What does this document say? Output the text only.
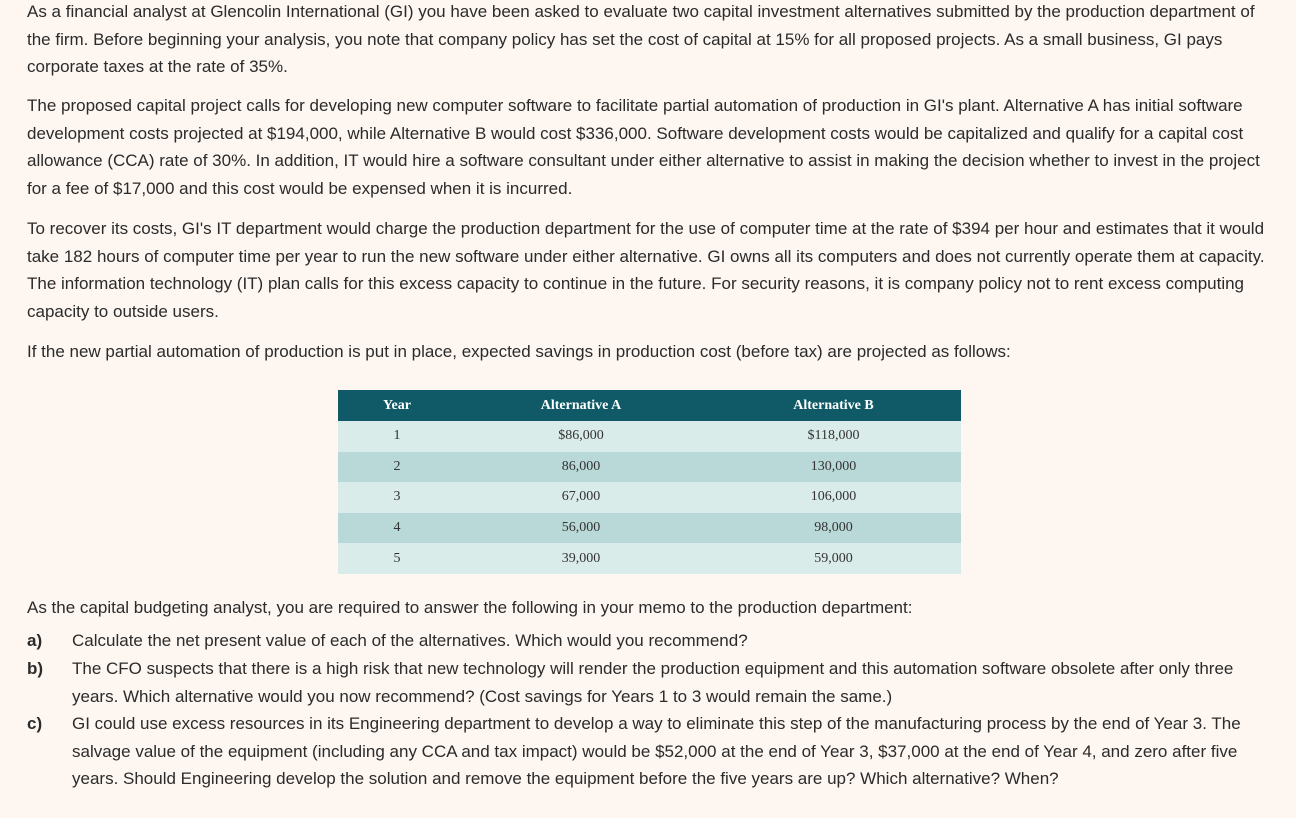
As a financial analyst at Glencolin International (GI) you have been asked to evaluate two capital investment alternatives submitted by the production department of the firm. Before beginning your analysis, you note that company policy has set the cost of capital at 15% for all proposed projects. As a small business, GI pays corporate taxes at the rate of 35%.

The proposed capital project calls for developing new computer software to facilitate partial automation of production in GI's plant. Alternative A has initial software development costs projected at $194,000, while Alternative B would cost $336,000. Software development costs would be capitalized and qualify for a capital cost allowance (CCA) rate of 30%. In addition, IT would hire a software consultant under either alternative to assist in making the decision whether to invest in the project for a fee of $17,000 and this cost would be expensed when it is incurred.

To recover its costs, GI's IT department would charge the production department for the use of computer time at the rate of $394 per hour and estimates that it would take 182 hours of computer time per year to run the new software under either alternative. GI owns all its computers and does not currently operate them at capacity. The information technology (IT) plan calls for this excess capacity to continue in the future. For security reasons, it is company policy not to rent excess computing capacity to outside users.

If the new partial automation of production is put in place, expected savings in production cost (before tax) are projected as follows:

Year	Alternative A	Alternative B
1	$86,000	$118,000
2	86,000	130,000
3	67,000	106,000
4	56,000	98,000
5	39,000	59,000

As the capital budgeting analyst, you are required to answer the following in your memo to the production department:

a) Calculate the net present value of each of the alternatives. Which would you recommend?

b) The CFO suspects that there is a high risk that new technology will render the production equipment and this automation software obsolete after only three years. Which alternative would you now recommend? (Cost savings for Years 1 to 3 would remain the same.)

c) GI could use excess resources in its Engineering department to develop a way to eliminate this step of the manufacturing process by the end of Year 3. The salvage value of the equipment (including any CCA and tax impact) would be $52,000 at the end of Year 3, $37,000 at the end of Year 4, and zero after five years. Should Engineering develop the solution and remove the equipment before the five years are up? Which alternative? When?
